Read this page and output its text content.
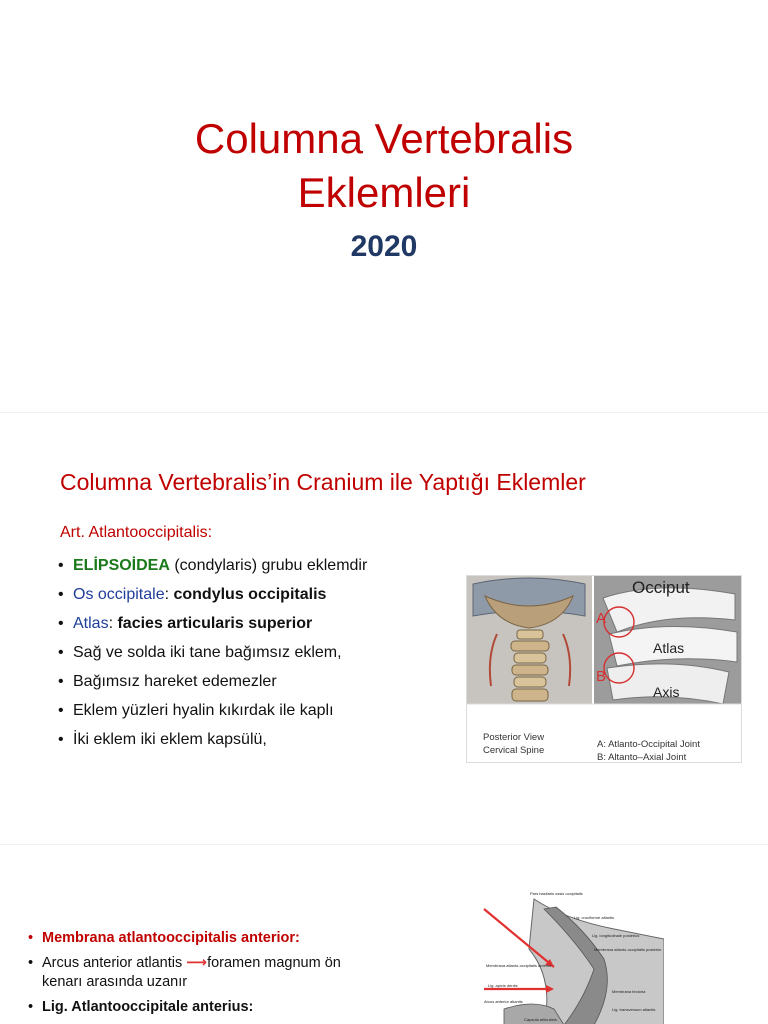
Columna Vertebralis
Eklemleri
2020
Columna Vertebralis’in Cranium ile Yaptığı Eklemler
Art. Atlantooccipitalis:
• ELİPSOİDEA (condylaris) grubu eklemdir
• Os occipitale: condylus occipitalis
• Atlas: facies articularis superior
• Sağ ve solda iki tane bağımsız eklem,
• Bağımsız hareket edemezler
• Eklem yüzleri hyalin kıkırdak ile kaplı
• İki eklem iki eklem kapsülü,
Occiput
Atlas
Axis
A
B
Posterior View
Cervical Spine
A: Atlanto-Occipital Joint
B: Altanto–Axial Joint
• Membrana atlantooccipitalis anterior:
• Arcus anterior atlantis ⟶foramen magnum ön
kenarı arasında uzanır
• Lig. Atlantooccipitale anterius:
Pars basilaris ossis occipitalis
Lig. cruciforme atlantis
Lig. longitudinale posterius
Membrana atlanto-occipitalis posterior
Membrana atlanto-occipitalis anterior
Lig. apicis dentis
Arcus anterior atlantis
Membrana tectoria
Lig. transversum atlantis
Capsula articularis
